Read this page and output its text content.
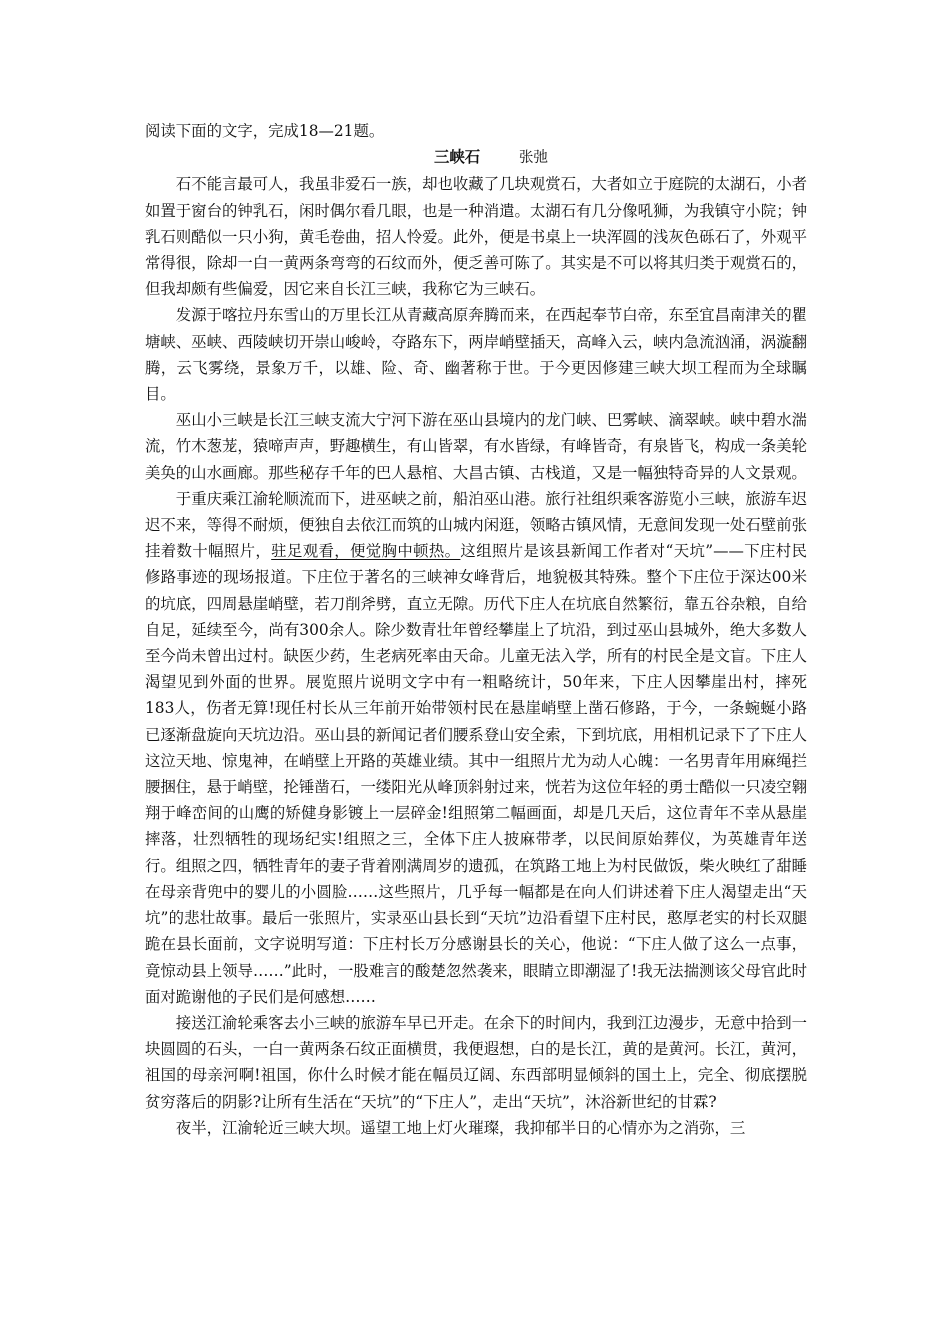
阅读下面的文字，完成18—21题。

三峡石	张弛

石不能言最可人，我虽非爱石一族，却也收藏了几块观赏石，大者如立于庭院的太湖石，小者如置于窗台的钟乳石，闲时偶尔看几眼，也是一种消遣。太湖石有几分像吼狮，为我镇守小院；钟乳石则酷似一只小狗，黄毛卷曲，招人怜爱。此外，便是书桌上一块浑圆的浅灰色砾石了，外观平常得很，除却一白一黄两条弯弯的石纹而外，便乏善可陈了。其实是不可以将其归类于观赏石的，但我却颇有些偏爱，因它来自长江三峡，我称它为三峡石。

发源于喀拉丹东雪山的万里长江从青藏高原奔腾而来，在西起奉节白帝，东至宜昌南津关的瞿塘峡、巫峡、西陵峡切开崇山峻岭，夺路东下，两岸峭壁插天，高峰入云，峡内急流汹涌，涡漩翻腾，云飞雾绕，景象万千，以雄、险、奇、幽著称于世。于今更因修建三峡大坝工程而为全球瞩目。

巫山小三峡是长江三峡支流大宁河下游在巫山县境内的龙门峡、巴雾峡、滴翠峡。峡中碧水湍流，竹木葱茏，猿啼声声，野趣横生，有山皆翠，有水皆绿，有峰皆奇，有泉皆飞，构成一条美轮美奂的山水画廊。那些秘存千年的巴人悬棺、大昌古镇、古栈道，又是一幅独特奇异的人文景观。

于重庆乘江渝轮顺流而下，进巫峡之前，船泊巫山港。旅行社组织乘客游览小三峡，旅游车迟迟不来，等得不耐烦，便独自去依江而筑的山城内闲逛，领略古镇风情，无意间发现一处石壁前张挂着数十幅照片，驻足观看，便觉胸中顿热。这组照片是该县新闻工作者对“天坑”——下庄村民修路事迹的现场报道。下庄位于著名的三峡神女峰背后，地貌极其特殊。整个下庄位于深达00米的坑底，四周悬崖峭壁，若刀削斧劈，直立无隙。历代下庄人在坑底自然繁衍，靠五谷杂粮，自给自足，延续至今，尚有300余人。除少数青壮年曾经攀崖上了坑沿，到过巫山县城外，绝大多数人至今尚未曾出过村。缺医少药，生老病死率由天命。儿童无法入学，所有的村民全是文盲。下庄人渴望见到外面的世界。展览照片说明文字中有一粗略统计，50年来，下庄人因攀崖出村，摔死183人，伤者无算!现任村长从三年前开始带领村民在悬崖峭壁上凿石修路，于今，一条蜿蜒小路已逐渐盘旋向天坑边沿。巫山县的新闻记者们腰系登山安全索，下到坑底，用相机记录下了下庄人这泣天地、惊鬼神，在峭壁上开路的英雄业绩。其中一组照片尤为动人心魄：一名男青年用麻绳拦腰捆住，悬于峭壁，抡锤凿石，一缕阳光从峰顶斜射过来，恍若为这位年轻的勇士酷似一只凌空翱翔于峰峦间的山鹰的矫健身影镀上一层碎金!组照第二幅画面，却是几天后，这位青年不幸从悬崖摔落，壮烈牺牲的现场纪实!组照之三，全体下庄人披麻带孝，以民间原始葬仪，为英雄青年送行。组照之四，牺牲青年的妻子背着刚满周岁的遗孤，在筑路工地上为村民做饭，柴火映红了甜睡在母亲背兜中的婴儿的小圆脸……这些照片，几乎每一幅都是在向人们讲述着下庄人渴望走出“天坑”的悲壮故事。最后一张照片，实录巫山县长到“天坑”边沿看望下庄村民，憨厚老实的村长双腿跪在县长面前，文字说明写道：下庄村长万分感谢县长的关心，他说：“下庄人做了这么一点事，竟惊动县上领导……”此时，一股难言的酸楚忽然袭来，眼睛立即潮湿了!我无法揣测该父母官此时面对跪谢他的子民们是何感想……

接送江渝轮乘客去小三峡的旅游车早已开走。在余下的时间内，我到江边漫步，无意中拾到一块圆圆的石头，一白一黄两条石纹正面横贯，我便遐想，白的是长江，黄的是黄河。长江，黄河，祖国的母亲河啊!祖国，你什么时候才能在幅员辽阔、东西部明显倾斜的国土上，完全、彻底摆脱贫穷落后的阴影?让所有生活在“天坑”的“下庄人”，走出“天坑”，沐浴新世纪的甘霖?

夜半，江渝轮近三峡大坝。遥望工地上灯火璀璨，我抑郁半日的心情亦为之消弥，三
